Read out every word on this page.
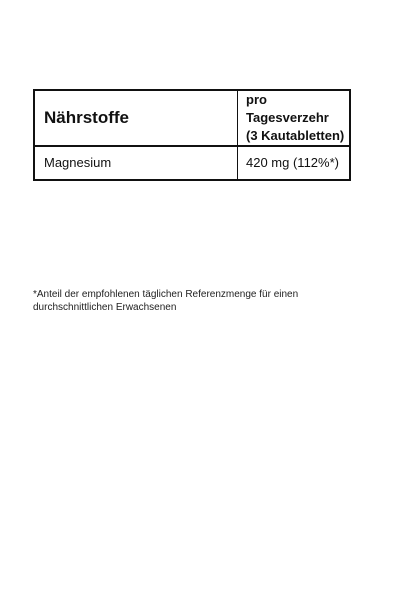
Nährstoffe	pro Tagesverzehr
(3 Kautabletten)

Magnesium	420 mg (112%*)
*Anteil der empfohlenen täglichen Referenzmenge für einen durchschnittlichen Erwachsenen
